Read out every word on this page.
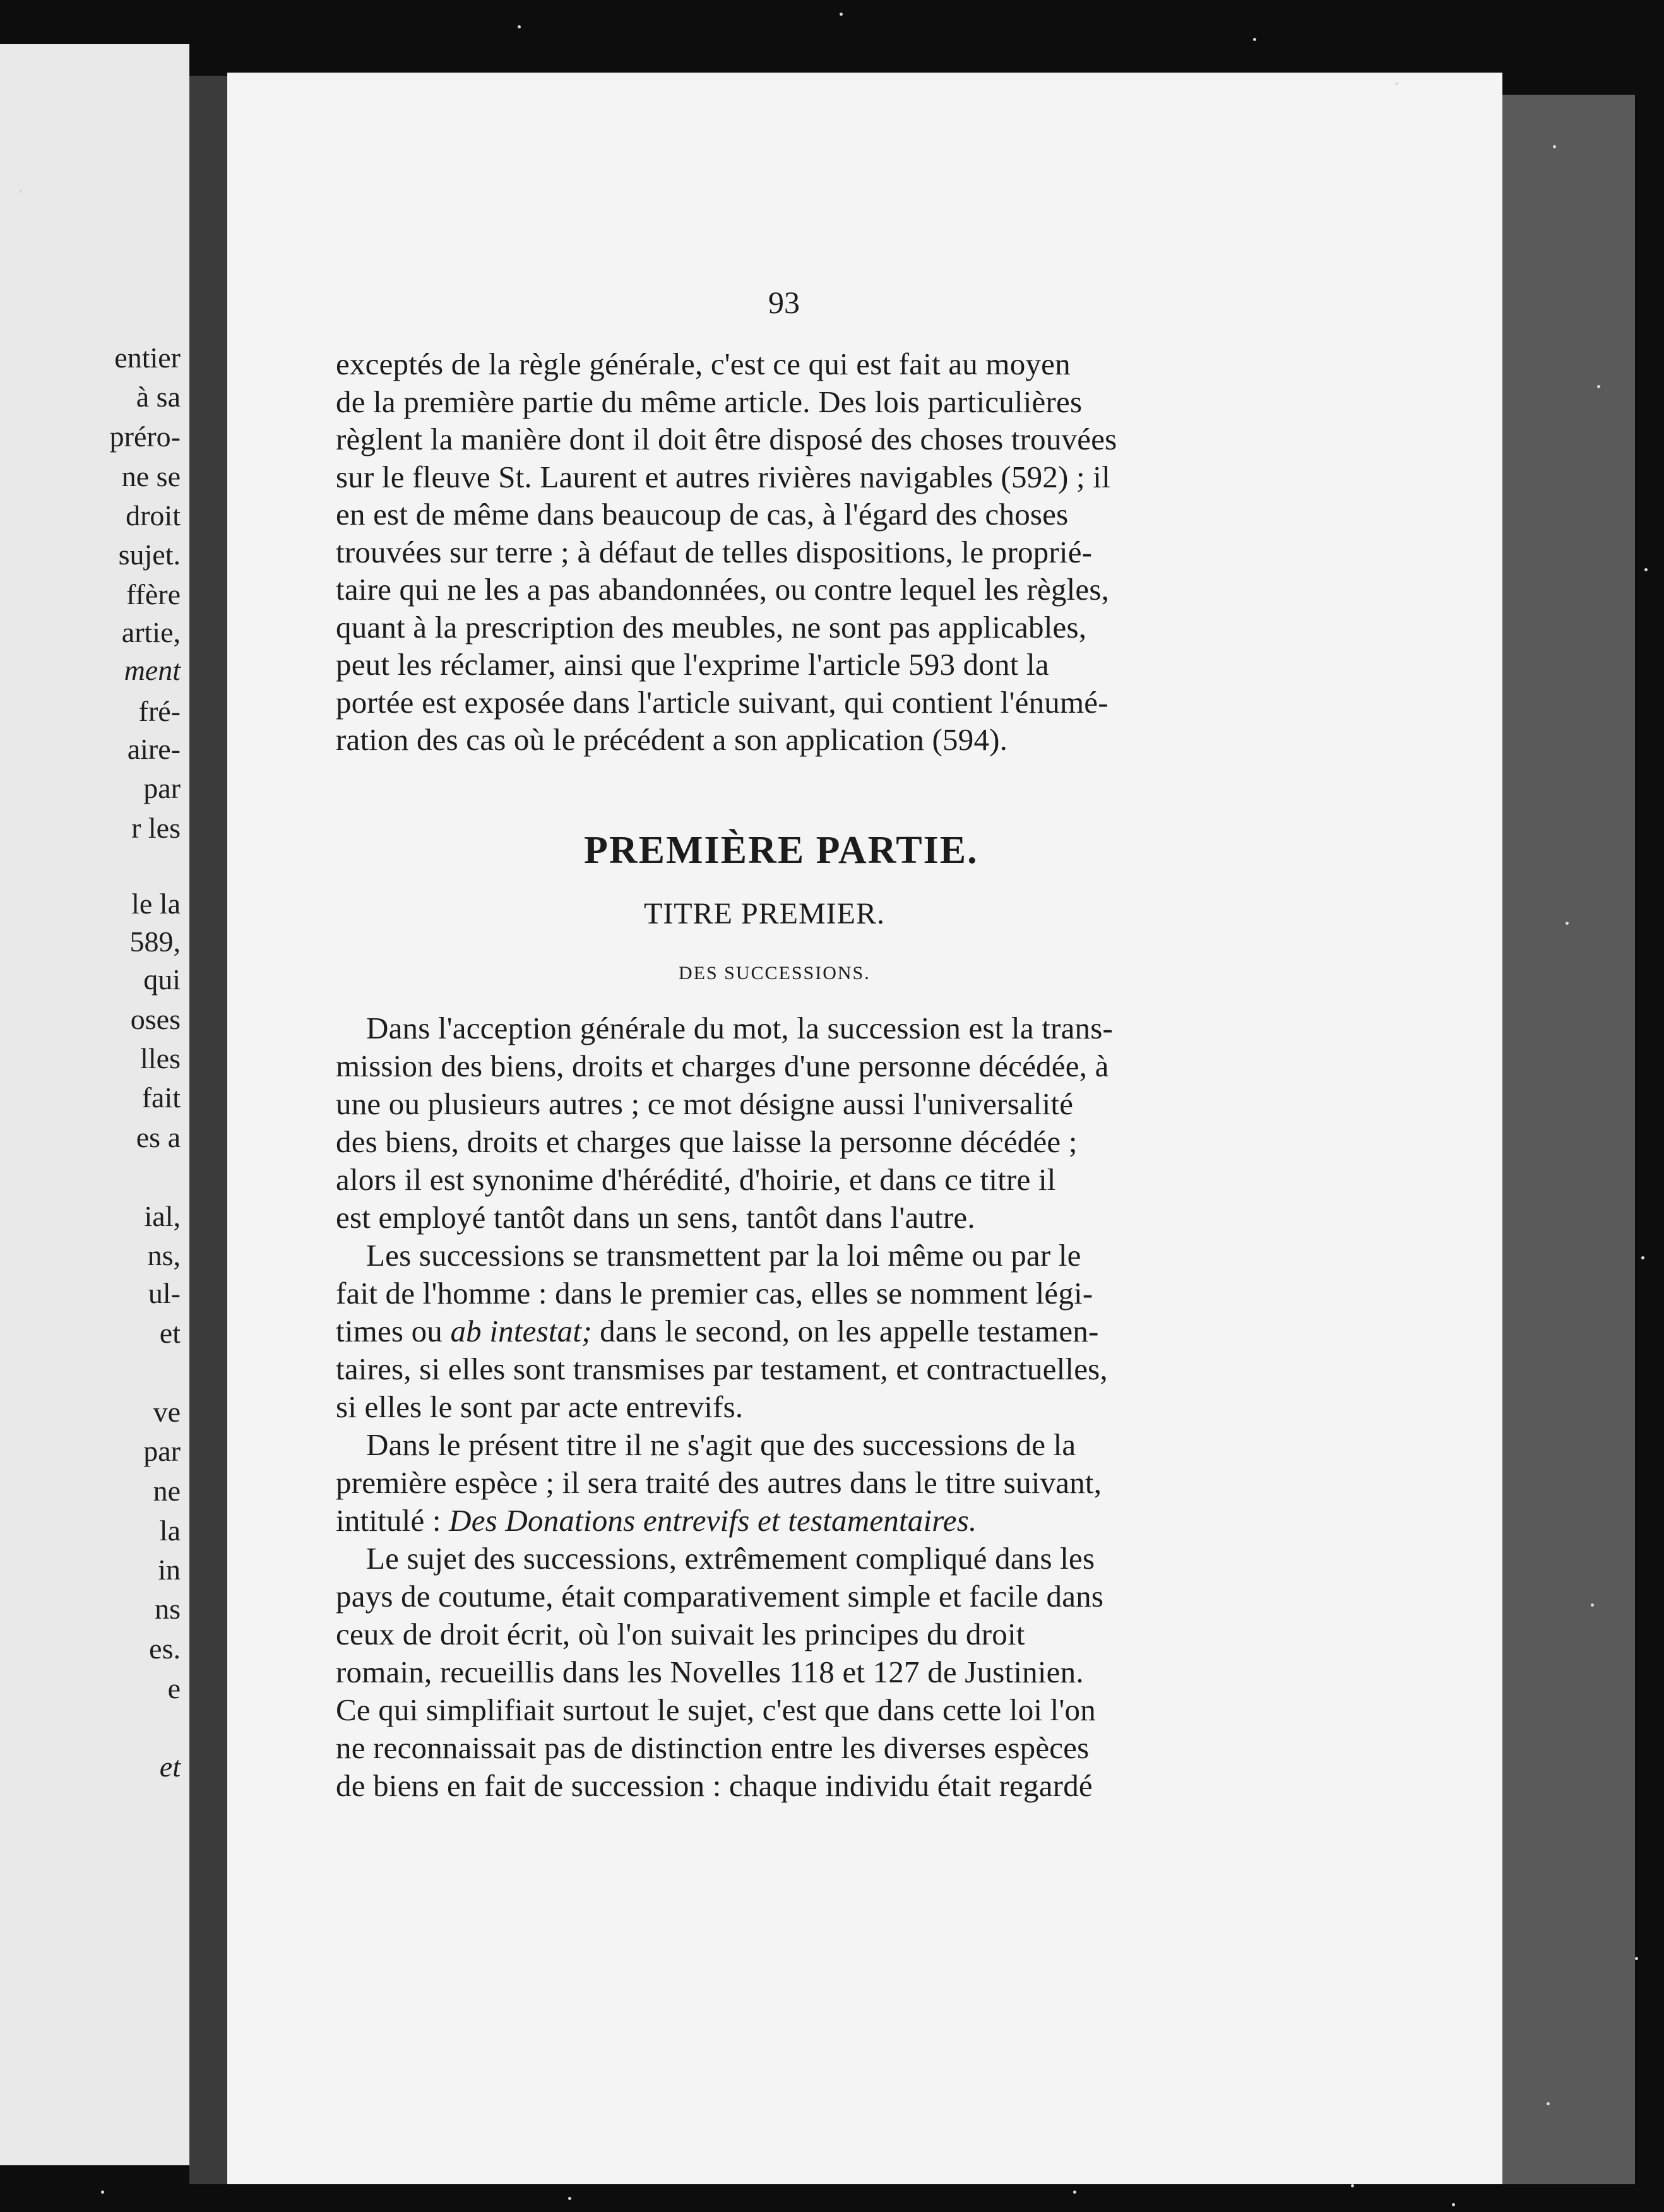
entier
à sa
préro-
ne se
droit
sujet.
ffère
artie,
ment
fré-
aire-
par
r les
le la
589,
qui
oses
lles
fait
es a
ial,
ns,
ul-
et
ve
par
ne
la
in
ns
es.
e
et
93
exceptés de la règle générale, c'est ce qui est fait au moyen
de la première partie du même article. Des lois particulières
règlent la manière dont il doit être disposé des choses trouvées
sur le fleuve St. Laurent et autres rivières navigables (592) ; il
en est de même dans beaucoup de cas, à l'égard des choses
trouvées sur terre ; à défaut de telles dispositions, le proprié-
taire qui ne les a pas abandonnées, ou contre lequel les règles,
quant à la prescription des meubles, ne sont pas applicables,
peut les réclamer, ainsi que l'exprime l'article 593 dont la
portée est exposée dans l'article suivant, qui contient l'énumé-
ration des cas où le précédent a son application (594).
PREMIÈRE PARTIE.
TITRE PREMIER.
DES SUCCESSIONS.
Dans l'acception générale du mot, la succession est la trans-
mission des biens, droits et charges d'une personne décédée, à
une ou plusieurs autres ; ce mot désigne aussi l'universalité
des biens, droits et charges que laisse la personne décédée ;
alors il est synonime d'hérédité, d'hoirie, et dans ce titre il
est employé tantôt dans un sens, tantôt dans l'autre.
Les successions se transmettent par la loi même ou par le
fait de l'homme : dans le premier cas, elles se nomment légi-
times ou ab intestat; dans le second, on les appelle testamen-
taires, si elles sont transmises par testament, et contractuelles,
si elles le sont par acte entrevifs.
Dans le présent titre il ne s'agit que des successions de la
première espèce ; il sera traité des autres dans le titre suivant,
intitulé : Des Donations entrevifs et testamentaires.
Le sujet des successions, extrêmement compliqué dans les
pays de coutume, était comparativement simple et facile dans
ceux de droit écrit, où l'on suivait les principes du droit
romain, recueillis dans les Novelles 118 et 127 de Justinien.
Ce qui simplifiait surtout le sujet, c'est que dans cette loi l'on
ne reconnaissait pas de distinction entre les diverses espèces
de biens en fait de succession : chaque individu était regardé
